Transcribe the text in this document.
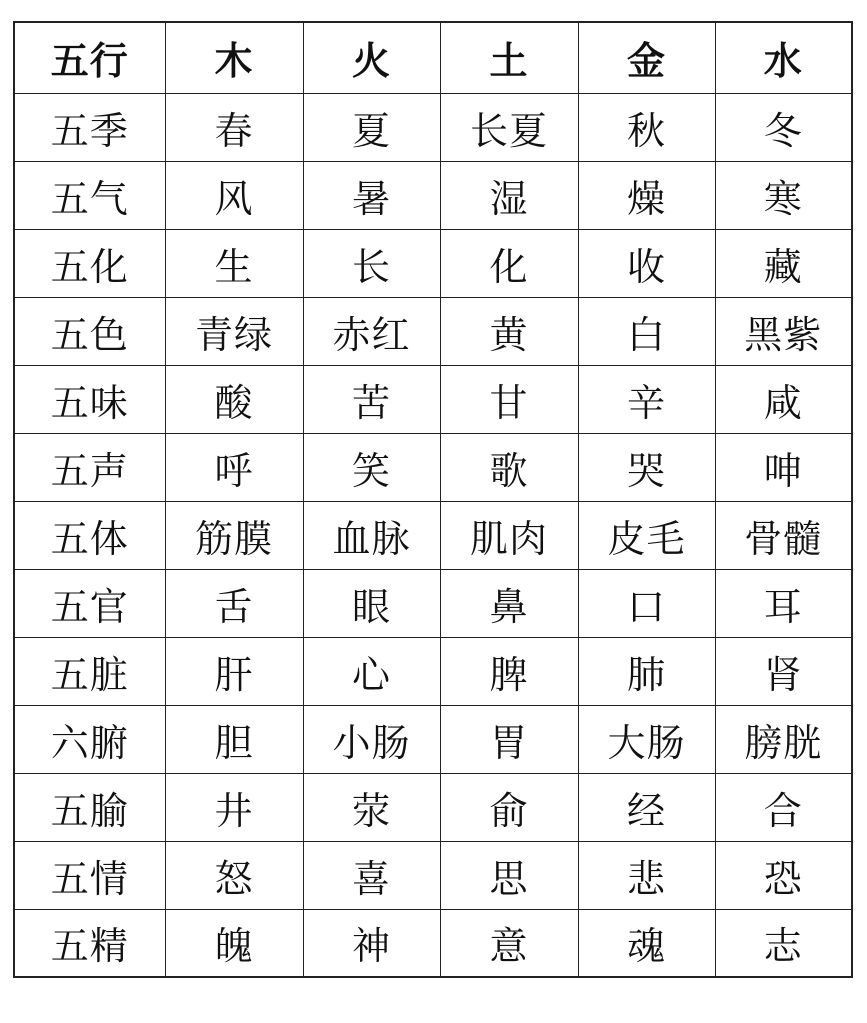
五行	木	火	土	金	水
五季	春	夏	长夏	秋	冬
五气	风	暑	湿	燥	寒
五化	生	长	化	收	藏
五色	青绿	赤红	黄	白	黑紫
五味	酸	苦	甘	辛	咸
五声	呼	笑	歌	哭	呻
五体	筋膜	血脉	肌肉	皮毛	骨髓
五官	舌	眼	鼻	口	耳
五脏	肝	心	脾	肺	肾
六腑	胆	小肠	胃	大肠	膀胱
五腧	井	荥	俞	经	合
五情	怒	喜	思	悲	恐
五精	魄	神	意	魂	志
